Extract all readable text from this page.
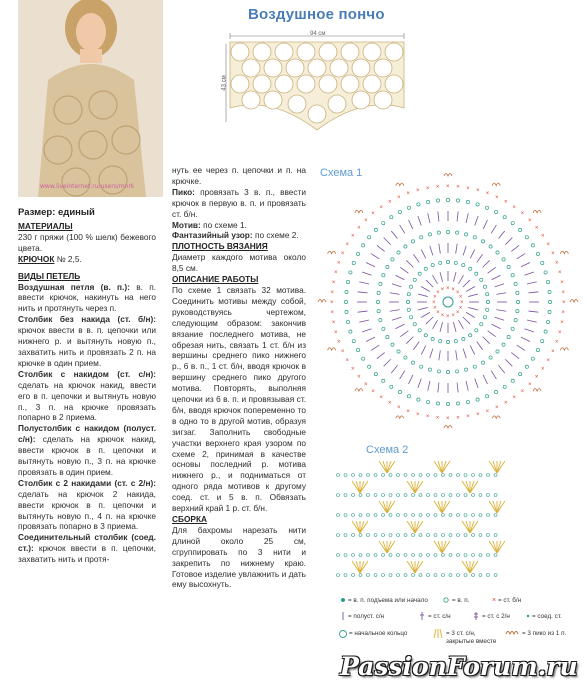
www.liveinternet.ru/users/mnrk
Воздушное пончо
94 см
43 см
Размер: единый

МАТЕРИАЛЫ

230 г пряжи (100 % шелк) бежевого цвета.

КРЮЧОК № 2,5.

ВИДЫ ПЕТЕЛЬ

Воздушная петля (в. п.): в. п. ввести крючок, накинуть на него нить и протянуть через п.

Столбик без накида (ст. б/н): крючок ввести в в. п. цепочки или нижнего р. и вытянуть новую п., захватить нить и провязать 2 п. на крючке в один прием.

Столбик с накидом (ст. с/н): сделать на крючок накид, ввести его в п. цепочки и вытянуть новую п., 3 п. на крючке провязать попарно в 2 приема.

Полустолбик с накидом (полуст. с/н): сделать на крючок накид, ввести крючок в п. цепочки и вытянуть новую п., 3 п. на крючке провязать в один прием.

Столбик с 2 накидами (ст. с 2/н): сделать на крючок 2 накида, ввести крючок в п. цепочки и вытянуть новую п., 4 п. на крючке провязать попарно в 3 приема.

Соединительный столбик (соед. ст.): крючок ввести в п. цепочки, захватить нить и протя-

нуть ее через п. цепочки и п. на крючке.

Пико: провязать 3 в. п., ввести крючок в первую в. п. и провязать ст. б/н.

Мотив: по схеме 1.

Фантазийный узор: по схеме 2.

ПЛОТНОСТЬ ВЯЗАНИЯ

Диаметр каждого мотива около 8,5 см.

ОПИСАНИЕ РАБОТЫ

По схеме 1 связать 32 мотива. Соединить мотивы между собой, руководствуясь чертежом, следующим образом: закончив вязание последнего мотива, не обрезая нить, связать 1 ст. б/н из вершины среднего пико нижнего р., 6 в. п., 1 ст. б/н, вводя крючок в вершину среднего пико другого мотива. Повторять, выполняя цепочки из 6 в. п. и провязывая ст. б/н, вводя крючок попеременно то в одно то в другой мотив, образуя зигзаг. Заполнить свободные участки верхнего края узором по схеме 2, принимая в качестве основы последний р. мотива нижнего р., и подниматься от одного ряда мотивов к другому соед. ст. и 5 в. п. Обвязать верхний край 1 р. ст. б/н.

СБОРКА

Для бахромы нарезать нити длиной около 25 см, сгруппировать по 3 нити и закрепить по нижнему краю. Готовое изделие увлажнить и дать ему высохнуть.

Схема 1
×
×
×
×
×
×
×
×
×
×
×
× × ×
×
×
×
×
×
×
×
×
×
×
×
×
×
×
×
×
×
×
×
×
×
×
×
×
×
×
×
×
×
×
×
×
×
×
×
×
×
×
×
×
×
×
×
×
×
×
×
×
×
×
×
×
×
× × × × × × ×
×
×
×
×
×
×
×
×
×
×
×
×
×
×
Схема 2
×
= в. п. подъема или начало	= в. п.	= ст. б/н
= полуст. с/н	= ст. с/н	= ст. с 2/н	= соед. ст.
= начальное кольцо	= 3 ст. с/н, закрытые вместе
= 3 пико из 1 п.
PassionForum.ru
